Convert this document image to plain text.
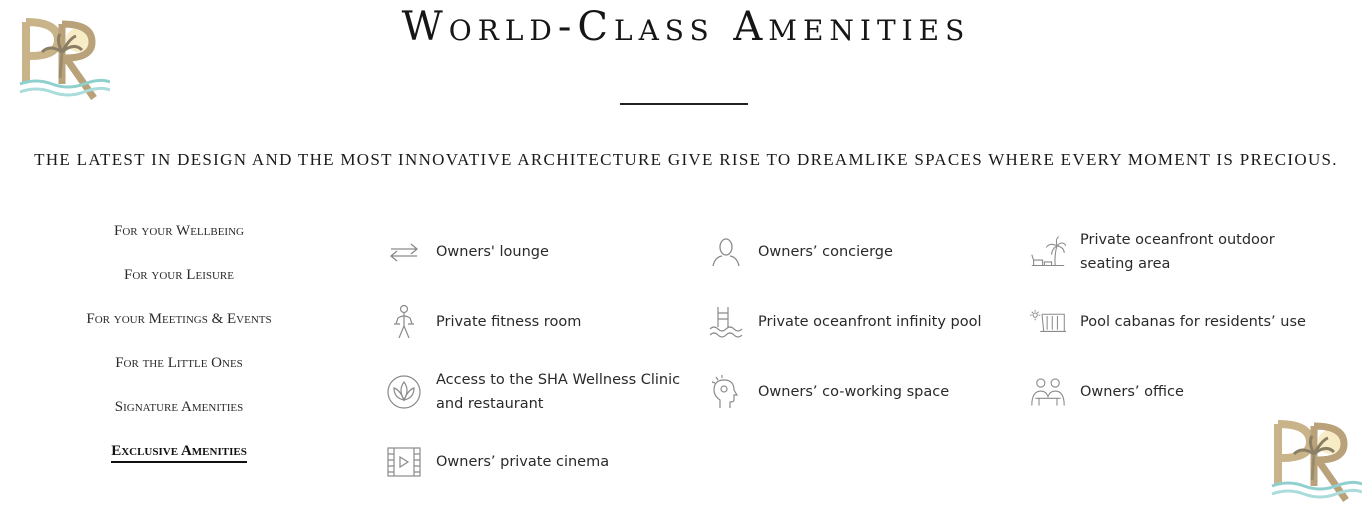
World-Class Amenities

THE LATEST IN DESIGN AND THE MOST INNOVATIVE ARCHITECTURE GIVE RISE TO DREAMLIKE SPACES WHERE EVERY MOMENT IS PRECIOUS.

For your Wellbeing
For your Leisure
For your Meetings & Events
For the Little Ones
Signature Amenities
Exclusive Amenities
Owners' lounge	Owners’ concierge
Private oceanfront outdoor seating area
Private fitness room	Private oceanfront infinity pool	Pool cabanas for residents’ use
Access to the SHA Wellness Clinic and restaurant
Owners’ co-working space	Owners’ office
Owners’ private cinema
